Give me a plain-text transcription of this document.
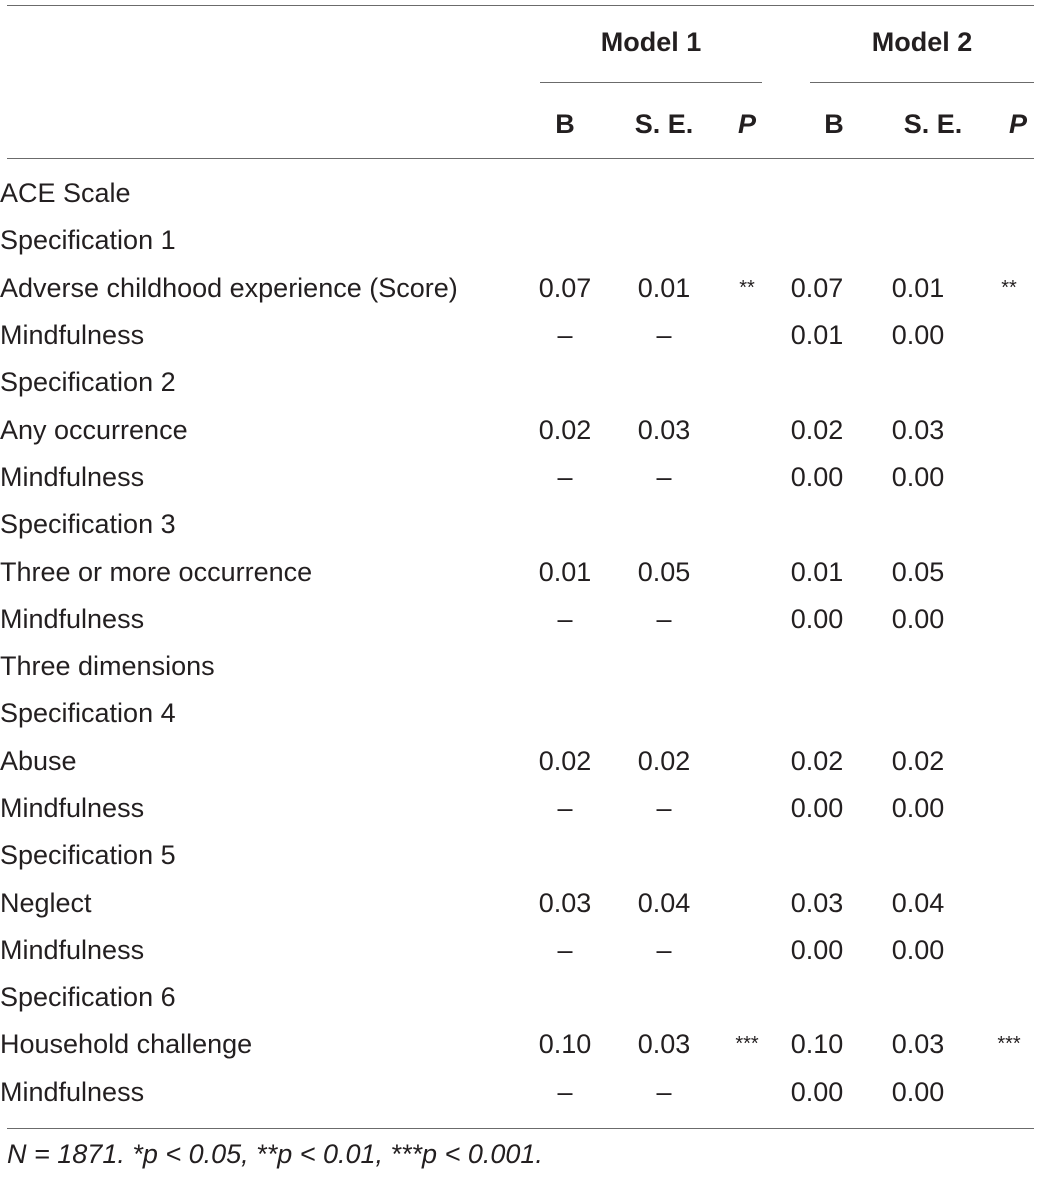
Model 1	Model 2
B	S. E.	P	B	S. E.	P
ACE Scale						
Specification 1						
Adverse childhood experience (Score)	0.07	0.01	**	0.07	0.01	**
Mindfulness	–	–		0.01	0.00	
Specification 2						
Any occurrence	0.02	0.03		0.02	0.03	
Mindfulness	–	–		0.00	0.00	
Specification 3						
Three or more occurrence	0.01	0.05		0.01	0.05	
Mindfulness	–	–		0.00	0.00	
Three dimensions						
Specification 4						
Abuse	0.02	0.02		0.02	0.02	
Mindfulness	–	–		0.00	0.00	
Specification 5						
Neglect	0.03	0.04		0.03	0.04	
Mindfulness	–	–		0.00	0.00	
Specification 6						
Household challenge	0.10	0.03	***	0.10	0.03	***
Mindfulness	–	–		0.00	0.00	
N = 1871. *p < 0.05, **p < 0.01, ***p < 0.001.
